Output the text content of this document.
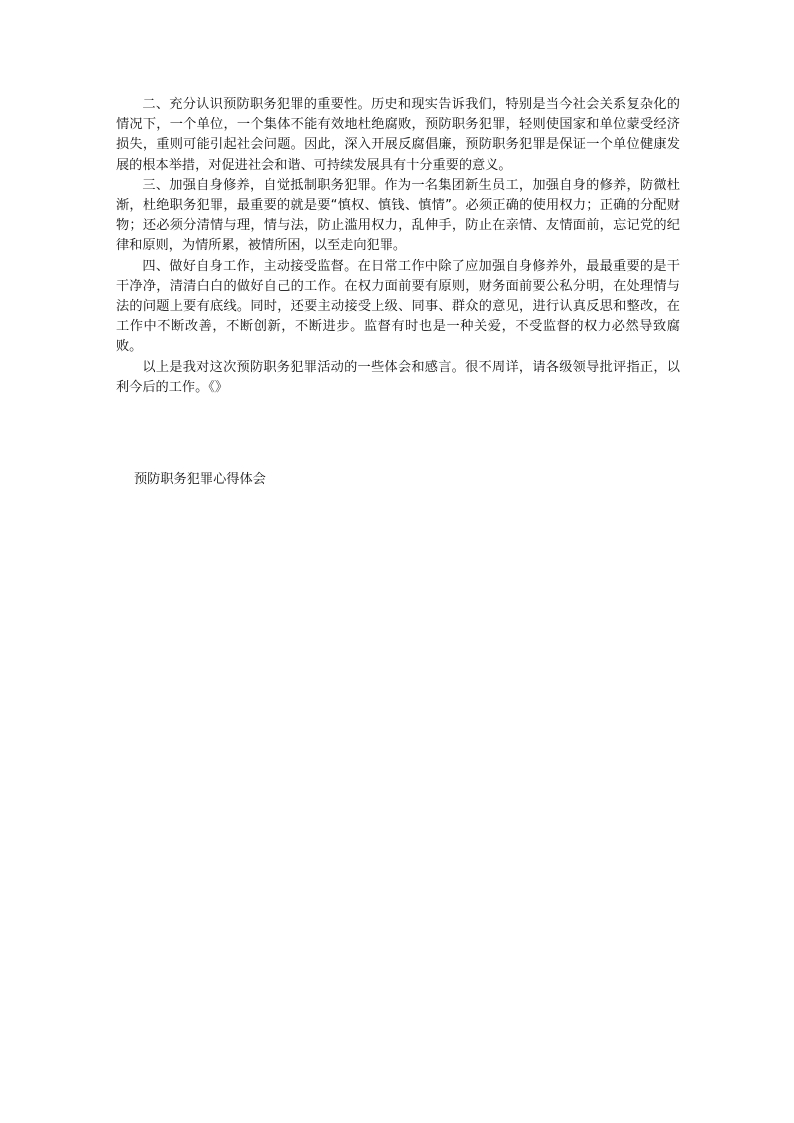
二、充分认识预防职务犯罪的重要性。历史和现实告诉我们，特别是当今社会关系复杂化的情况下，一个单位，一个集体不能有效地杜绝腐败，预防职务犯罪，轻则使国家和单位蒙受经济损失，重则可能引起社会问题。因此，深入开展反腐倡廉，预防职务犯罪是保证一个单位健康发展的根本举措，对促进社会和谐、可持续发展具有十分重要的意义。

三、加强自身修养，自觉抵制职务犯罪。作为一名集团新生员工，加强自身的修养，防微杜渐，杜绝职务犯罪，最重要的就是要“慎权、慎钱、慎情”。必须正确的使用权力；正确的分配财物；还必须分清情与理，情与法，防止滥用权力，乱伸手，防止在亲情、友情面前，忘记党的纪律和原则，为情所累，被情所困，以至走向犯罪。

四、做好自身工作，主动接受监督。在日常工作中除了应加强自身修养外，最最重要的是干干净净，清清白白的做好自己的工作。在权力面前要有原则，财务面前要公私分明，在处理情与法的问题上要有底线。同时，还要主动接受上级、同事、群众的意见，进行认真反思和整改，在工作中不断改善，不断创新，不断进步。监督有时也是一种关爱，不受监督的权力必然导致腐败。

以上是我对这次预防职务犯罪活动的一些体会和感言。很不周详，请各级领导批评指正，以利今后的工作。《》

预防职务犯罪心得体会
